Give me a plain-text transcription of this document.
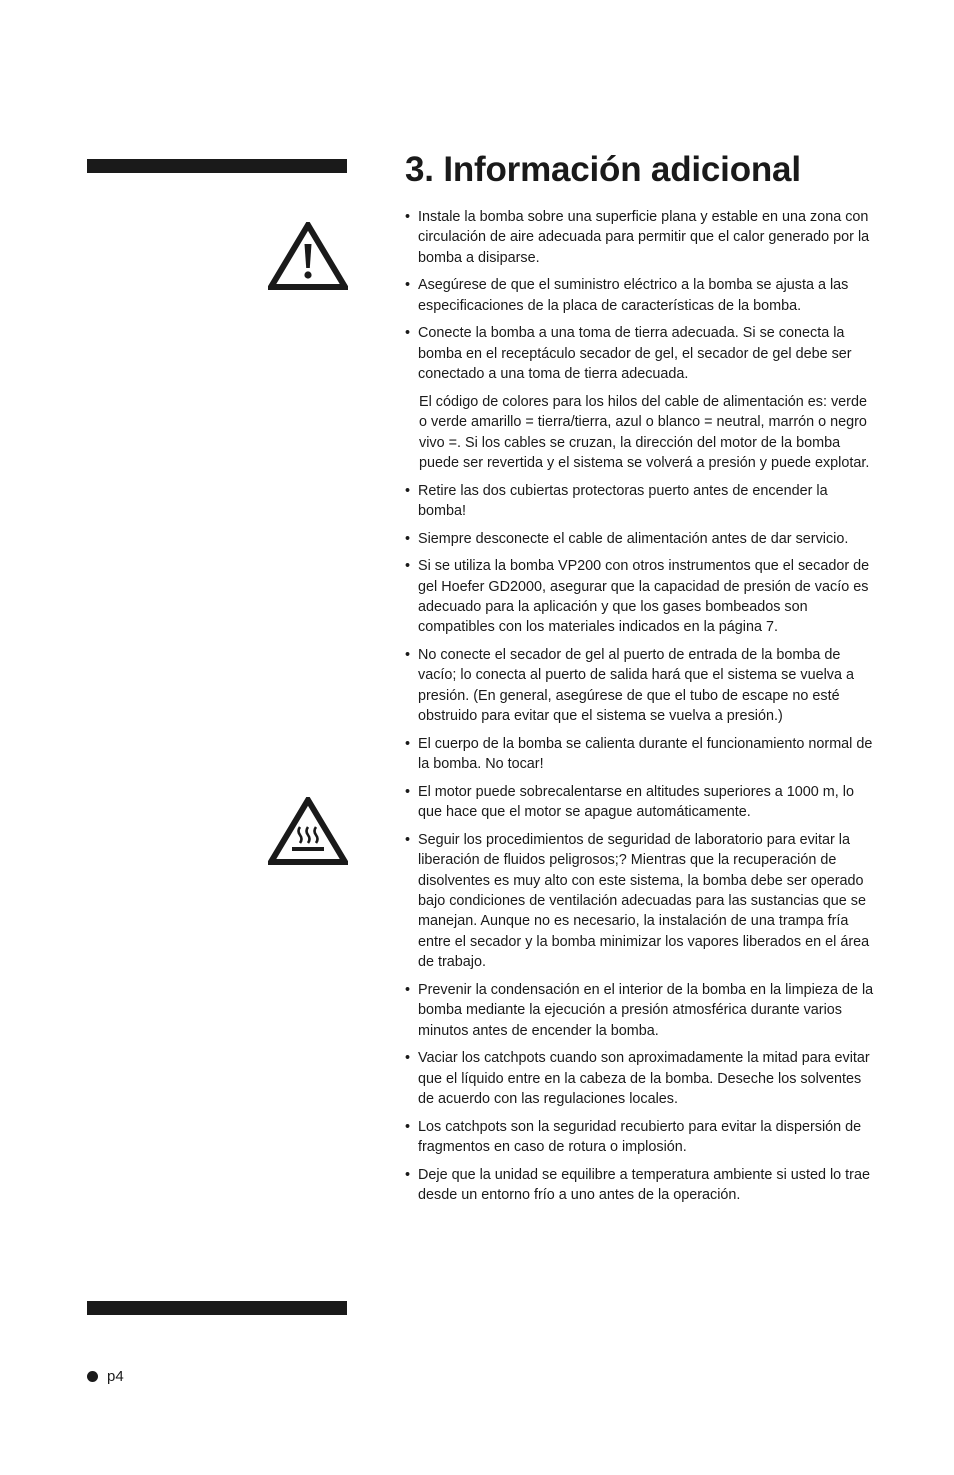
3. Información adicional
• Instale la bomba sobre una superficie plana y estable en una zona con circulación de aire adecuada para permitir que el calor generado por la bomba a disiparse.
• Asegúrese de que el suministro eléctrico a la bomba se ajusta a las especificaciones de la placa de características de la bomba.
• Conecte la bomba a una toma de tierra adecuada. Si se conecta la bomba en el receptáculo secador de gel, el secador de gel debe ser conectado a una toma de tierra adecuada.
El código de colores para los hilos del cable de alimentación es: verde o verde amarillo = tierra/tierra, azul o blanco = neutral, marrón o negro vivo =. Si los cables se cruzan, la dirección del motor de la bomba puede ser revertida y el sistema se volverá a presión y puede explotar.
• Retire las dos cubiertas protectoras puerto antes de encender la bomba!
• Siempre desconecte el cable de alimentación antes de dar servicio.
• Si se utiliza la bomba VP200 con otros instrumentos que el secador de gel Hoefer GD2000, asegurar que la capacidad de presión de vacío es adecuado para la aplicación y que los gases bombeados son compatibles con los materiales indicados en la página 7.
• No conecte el secador de gel al puerto de entrada de la bomba de vacío; lo conecta al puerto de salida hará que el sistema se vuelva a presión. (En general, asegúrese de que el tubo de escape no esté obstruido para evitar que el sistema se vuelva a presión.)
• El cuerpo de la bomba se calienta durante el funcionamiento normal de la bomba. No tocar!
• El motor puede sobrecalentarse en altitudes superiores a 1000 m, lo que hace que el motor se apague automáticamente.
• Seguir los procedimientos de seguridad de laboratorio para evitar la liberación de fluidos peligrosos;? Mientras que la recuperación de disolventes es muy alto con este sistema, la bomba debe ser operado bajo condiciones de ventilación adecuadas para las sustancias que se manejan. Aunque no es necesario, la instalación de una trampa fría entre el secador y la bomba minimizar los vapores liberados en el área de trabajo.
• Prevenir la condensación en el interior de la bomba en la limpieza de la bomba mediante la ejecución a presión atmosférica durante varios minutos antes de encender la bomba.
• Vaciar los catchpots cuando son aproximadamente la mitad para evitar que el líquido entre en la cabeza de la bomba. Deseche los solventes de acuerdo con las regulaciones locales.
• Los catchpots son la seguridad recubierto para evitar la dispersión de fragmentos en caso de rotura o implosión.
• Deje que la unidad se equilibre a temperatura ambiente si usted lo trae desde un entorno frío a uno antes de la operación.
p4
